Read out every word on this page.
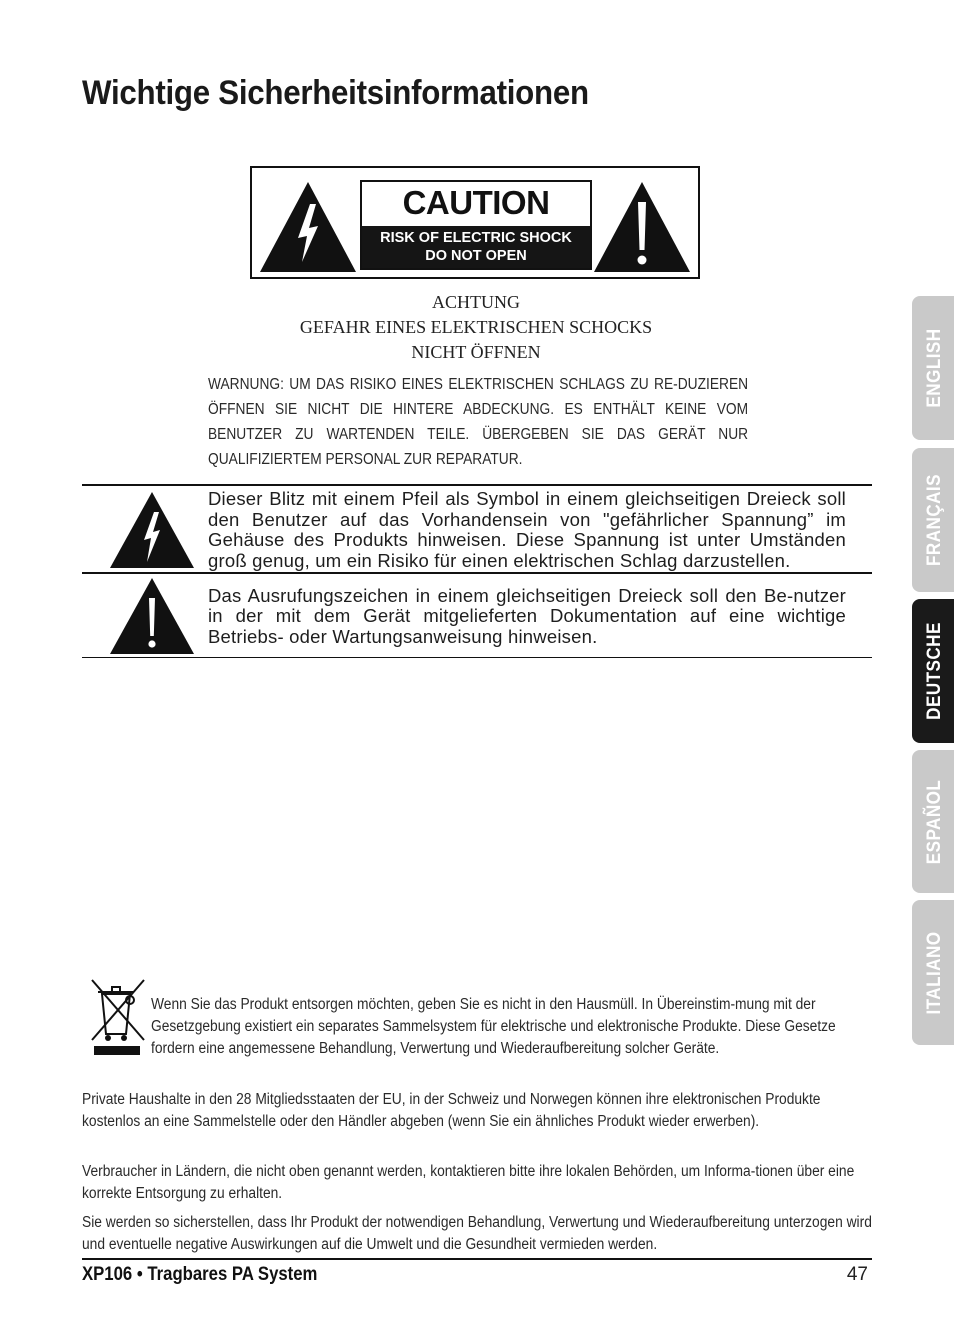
Wichtige Sicherheitsinformationen
CAUTION
RISK OF ELECTRIC SHOCK
DO NOT OPEN
ACHTUNG
GEFAHR EINES ELEKTRISCHEN SCHOCKS
NICHT ÖFFNEN
WARNUNG: UM DAS RISIKO EINES ELEKTRISCHEN SCHLAGS ZU RE-DUZIEREN ÖFFNEN SIE NICHT DIE HINTERE ABDECKUNG. ES ENTHÄLT KEINE VOM BENUTZER ZU WARTENDEN TEILE. ÜBERGEBEN SIE DAS GERÄT NUR QUALIFIZIERTEM PERSONAL ZUR REPARATUR.
Dieser Blitz mit einem Pfeil als Symbol in einem gleichseitigen Dreieck soll den Benutzer auf das Vorhandensein von "gefährlicher Spannung” im Gehäuse des Produkts hinweisen. Diese Spannung ist unter Umständen groß genug, um ein Risiko für einen elektrischen Schlag darzustellen.
Das Ausrufungszeichen in einem gleichseitigen Dreieck soll den Be-nutzer in der mit dem Gerät mitgelieferten Dokumentation auf eine wichtige Betriebs- oder Wartungsanweisung hinweisen.
Wenn Sie das Produkt entsorgen möchten, geben Sie es nicht in den Hausmüll. In Übereinstim-mung mit der Gesetzgebung existiert ein separates Sammelsystem für elektrische und elektronische Produkte. Diese Gesetze fordern eine angemessene Behandlung, Verwertung und Wiederaufbereitung solcher Geräte.
Private Haushalte in den 28 Mitgliedsstaaten der EU, in der Schweiz und Norwegen können ihre elektronischen Produkte kostenlos an eine Sammelstelle oder den Händler abgeben (wenn Sie ein ähnliches Produkt wieder erwerben).
Verbraucher in Ländern, die nicht oben genannt werden, kontaktieren bitte ihre lokalen Behörden, um Informa-tionen über eine korrekte Entsorgung zu erhalten.
Sie werden so sicherstellen, dass Ihr Produkt der notwendigen Behandlung, Verwertung und Wiederaufbereitung unterzogen wird und eventuelle negative Auswirkungen auf die Umwelt und die Gesundheit vermieden werden.
XP106 • Tragbares PA System	47
ENGLISH
FRANÇAIS
DEUTSCHE
ESPAÑOL
ITALIANO
